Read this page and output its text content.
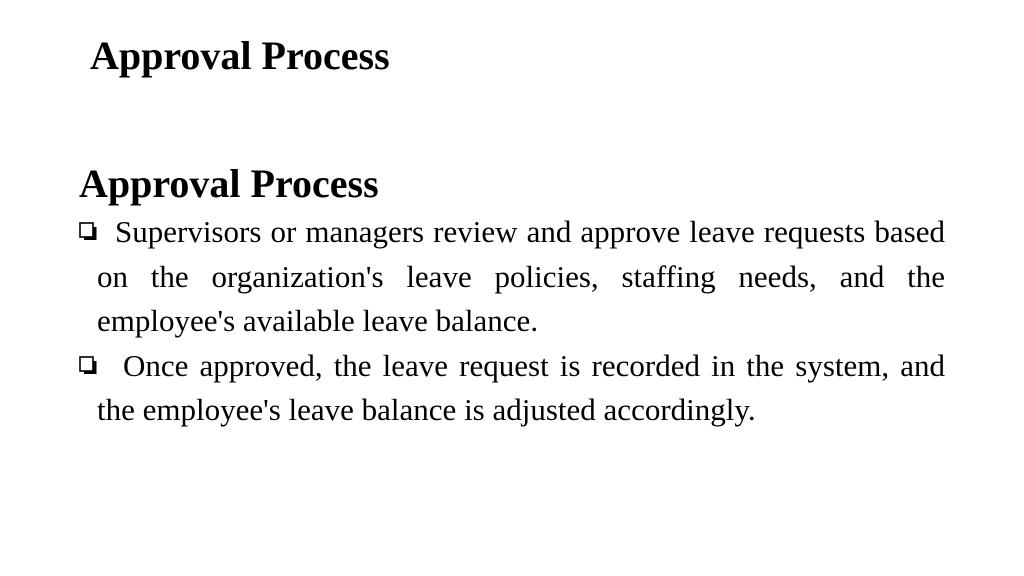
Approval Process
Approval Process
Supervisors or managers review and approve leave requests based on the organization's leave policies, staffing needs, and the employee's available leave balance.
Once approved, the leave request is recorded in the system, and the employee's leave balance is adjusted accordingly.
